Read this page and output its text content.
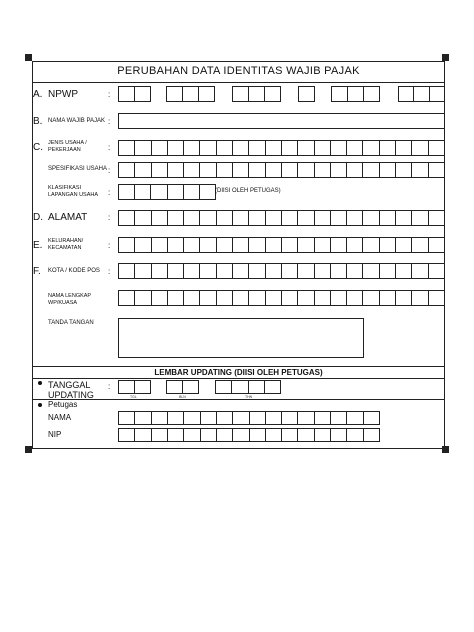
PERUBAHAN DATA IDENTITAS WAJIB PAJAK
A. NPWP	:
B. NAMA WAJIB PAJAK :
C. JENIS USAHA /
PEKERJAAN	:
SPESIFIKASI USAHA :
KLASIFIKASI
LAPANGAN USAHA :	(DIISI OLEH PETUGAS)
D. ALAMAT	:
E. KELURAHAN/
KECAMATAN	:
F. KOTA / KODE POS :
NAMA LENGKAP
WP/KUASA
TANDA TANGAN
LEMBAR UPDATING (DIISI OLEH PETUGAS)
TANGGAL
UPDATING
:
TGL	BLN	THN
Petugas
NAMA
NIP
